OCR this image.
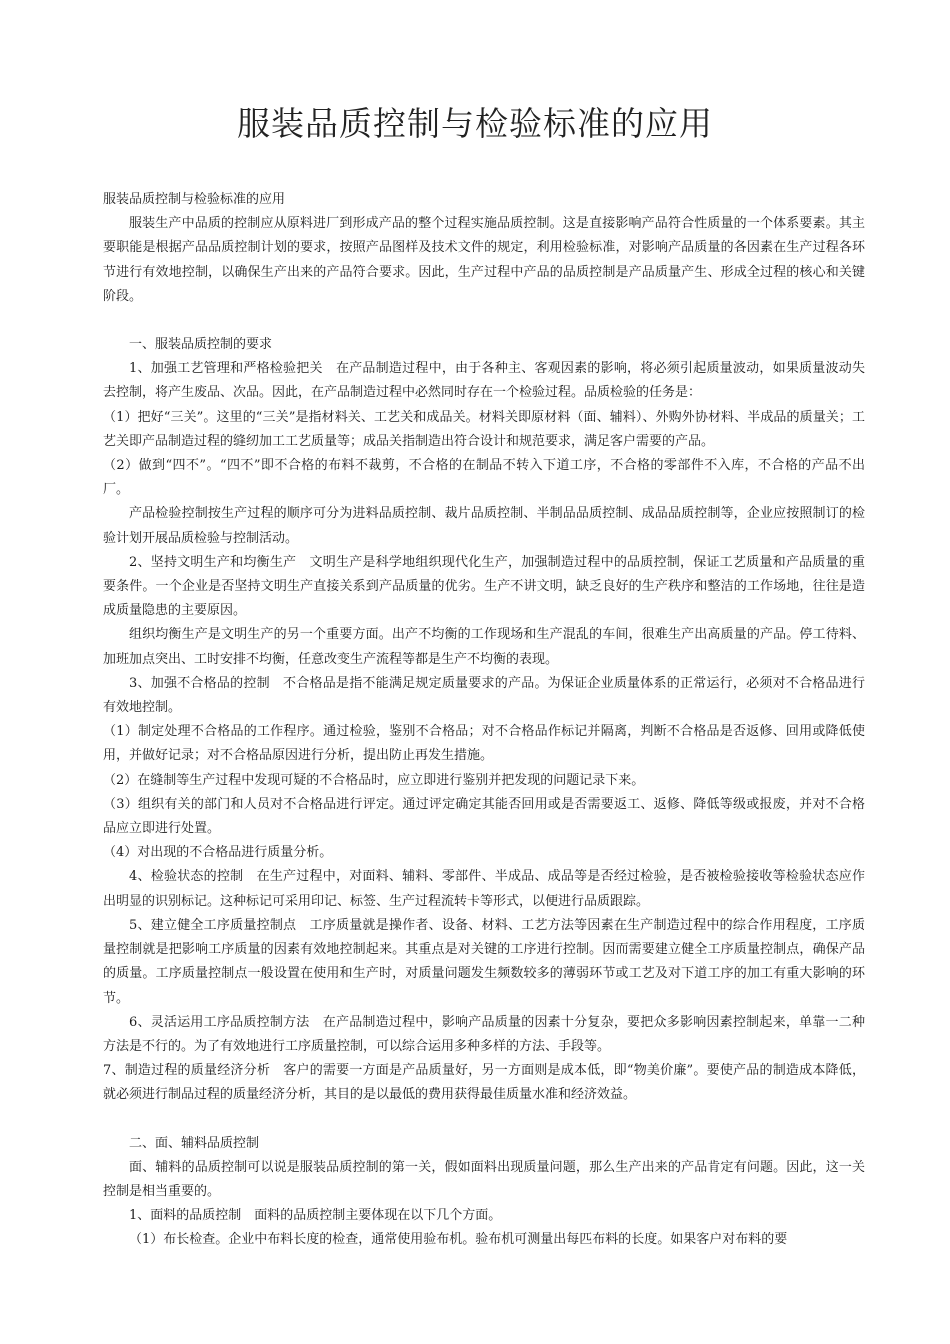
服装品质控制与检验标准的应用

服装品质控制与检验标准的应用

服装生产中品质的控制应从原料进厂到形成产品的整个过程实施品质控制。这是直接影响产品符合性质量的一个体系要素。其主要职能是根据产品品质控制计划的要求，按照产品图样及技术文件的规定，利用检验标准，对影响产品质量的各因素在生产过程各环节进行有效地控制，以确保生产出来的产品符合要求。因此，生产过程中产品的品质控制是产品质量产生、形成全过程的核心和关键阶段。

一、服装品质控制的要求

1、加强工艺管理和严格检验把关　在产品制造过程中，由于各种主、客观因素的影响，将必须引起质量波动，如果质量波动失去控制，将产生废品、次品。因此，在产品制造过程中必然同时存在一个检验过程。品质检验的任务是：

（1）把好“三关”。这里的“三关”是指材料关、工艺关和成品关。材料关即原材料（面、辅料）、外购外协材料、半成品的质量关；工艺关即产品制造过程的缝纫加工工艺质量等；成品关指制造出符合设计和规范要求，满足客户需要的产品。

（2）做到“四不”。“四不”即不合格的布料不裁剪，不合格的在制品不转入下道工序，不合格的零部件不入库，不合格的产品不出厂。

产品检验控制按生产过程的顺序可分为进料品质控制、裁片品质控制、半制品品质控制、成品品质控制等，企业应按照制订的检验计划开展品质检验与控制活动。

2、坚持文明生产和均衡生产　文明生产是科学地组织现代化生产，加强制造过程中的品质控制，保证工艺质量和产品质量的重要条件。一个企业是否坚持文明生产直接关系到产品质量的优劣。生产不讲文明，缺乏良好的生产秩序和整洁的工作场地，往往是造成质量隐患的主要原因。

组织均衡生产是文明生产的另一个重要方面。出产不均衡的工作现场和生产混乱的车间，很难生产出高质量的产品。停工待料、加班加点突出、工时安排不均衡，任意改变生产流程等都是生产不均衡的表现。

3、加强不合格品的控制　不合格品是指不能满足规定质量要求的产品。为保证企业质量体系的正常运行，必须对不合格品进行有效地控制。

（1）制定处理不合格品的工作程序。通过检验，鉴别不合格品；对不合格品作标记并隔离，判断不合格品是否返修、回用或降低使用，并做好记录；对不合格品原因进行分析，提出防止再发生措施。

（2）在缝制等生产过程中发现可疑的不合格品时，应立即进行鉴别并把发现的问题记录下来。

（3）组织有关的部门和人员对不合格品进行评定。通过评定确定其能否回用或是否需要返工、返修、降低等级或报废，并对不合格品应立即进行处置。

（4）对出现的不合格品进行质量分析。

4、检验状态的控制　在生产过程中，对面料、辅料、零部件、半成品、成品等是否经过检验，是否被检验接收等检验状态应作出明显的识别标记。这种标记可采用印记、标签、生产过程流转卡等形式，以便进行品质跟踪。

5、建立健全工序质量控制点　工序质量就是操作者、设备、材料、工艺方法等因素在生产制造过程中的综合作用程度，工序质量控制就是把影响工序质量的因素有效地控制起来。其重点是对关键的工序进行控制。因而需要建立健全工序质量控制点，确保产品的质量。工序质量控制点一般设置在使用和生产时，对质量问题发生频数较多的薄弱环节或工艺及对下道工序的加工有重大影响的环节。

6、灵活运用工序品质控制方法　在产品制造过程中，影响产品质量的因素十分复杂，要把众多影响因素控制起来，单靠一二种方法是不行的。为了有效地进行工序质量控制，可以综合运用多种多样的方法、手段等。

7、制造过程的质量经济分析　客户的需要一方面是产品质量好，另一方面则是成本低，即“物美价廉”。要使产品的制造成本降低，就必须进行制品过程的质量经济分析，其目的是以最低的费用获得最佳质量水准和经济效益。

二、面、辅料品质控制

面、辅料的品质控制可以说是服装品质控制的第一关，假如面料出现质量问题，那么生产出来的产品肯定有问题。因此，这一关控制是相当重要的。

1、面料的品质控制　面料的品质控制主要体现在以下几个方面。

（1）布长检查。企业中布料长度的检查，通常使用验布机。验布机可测量出每匹布料的长度。如果客户对布料的要
